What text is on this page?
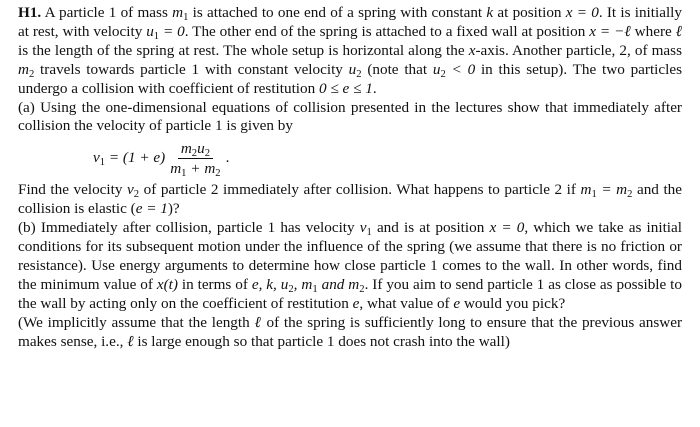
H1. A particle 1 of mass $m_1$ is attached to one end of a spring with constant k at position x = 0. It is initially at rest, with velocity $u_1 = 0$. The other end of the spring is attached to a fixed wall at position x = −ℓ where ℓ is the length of the spring at rest. The whole setup is horizontal along the x-axis. Another particle, 2, of mass $m_2$ travels towards particle 1 with constant velocity $u_2$ (note that $u_2 < 0$ in this setup). The two particles undergo a collision with coefficient of restitution 0 ≤ e ≤ 1.

(a) Using the one-dimensional equations of collision presented in the lectures show that immediately after collision the velocity of particle 1 is given by

$v_1 = (1 + e) \frac{m_2u_2}{m_1 + m_2}$ .

Find the velocity $v_2$ of particle 2 immediately after collision. What happens to particle 2 if $m_1 = m_2$ and the collision is elastic (e = 1)?

(b) Immediately after collision, particle 1 has velocity $v_1$ and is at position x = 0, which we take as initial conditions for its subsequent motion under the influence of the spring (we assume that there is no friction or resistance). Use energy arguments to determine how close particle 1 comes to the wall. In other words, find the minimum value of x(t) in terms of e, k, $u_2$, $m_1$ and $m_2$. If you aim to send particle 1 as close as possible to the wall by acting only on the coefficient of restitution e, what value of e would you pick?

(We implicitly assume that the length ℓ of the spring is sufficiently long to ensure that the previous answer makes sense, i.e., ℓ is large enough so that particle 1 does not crash into the wall)
